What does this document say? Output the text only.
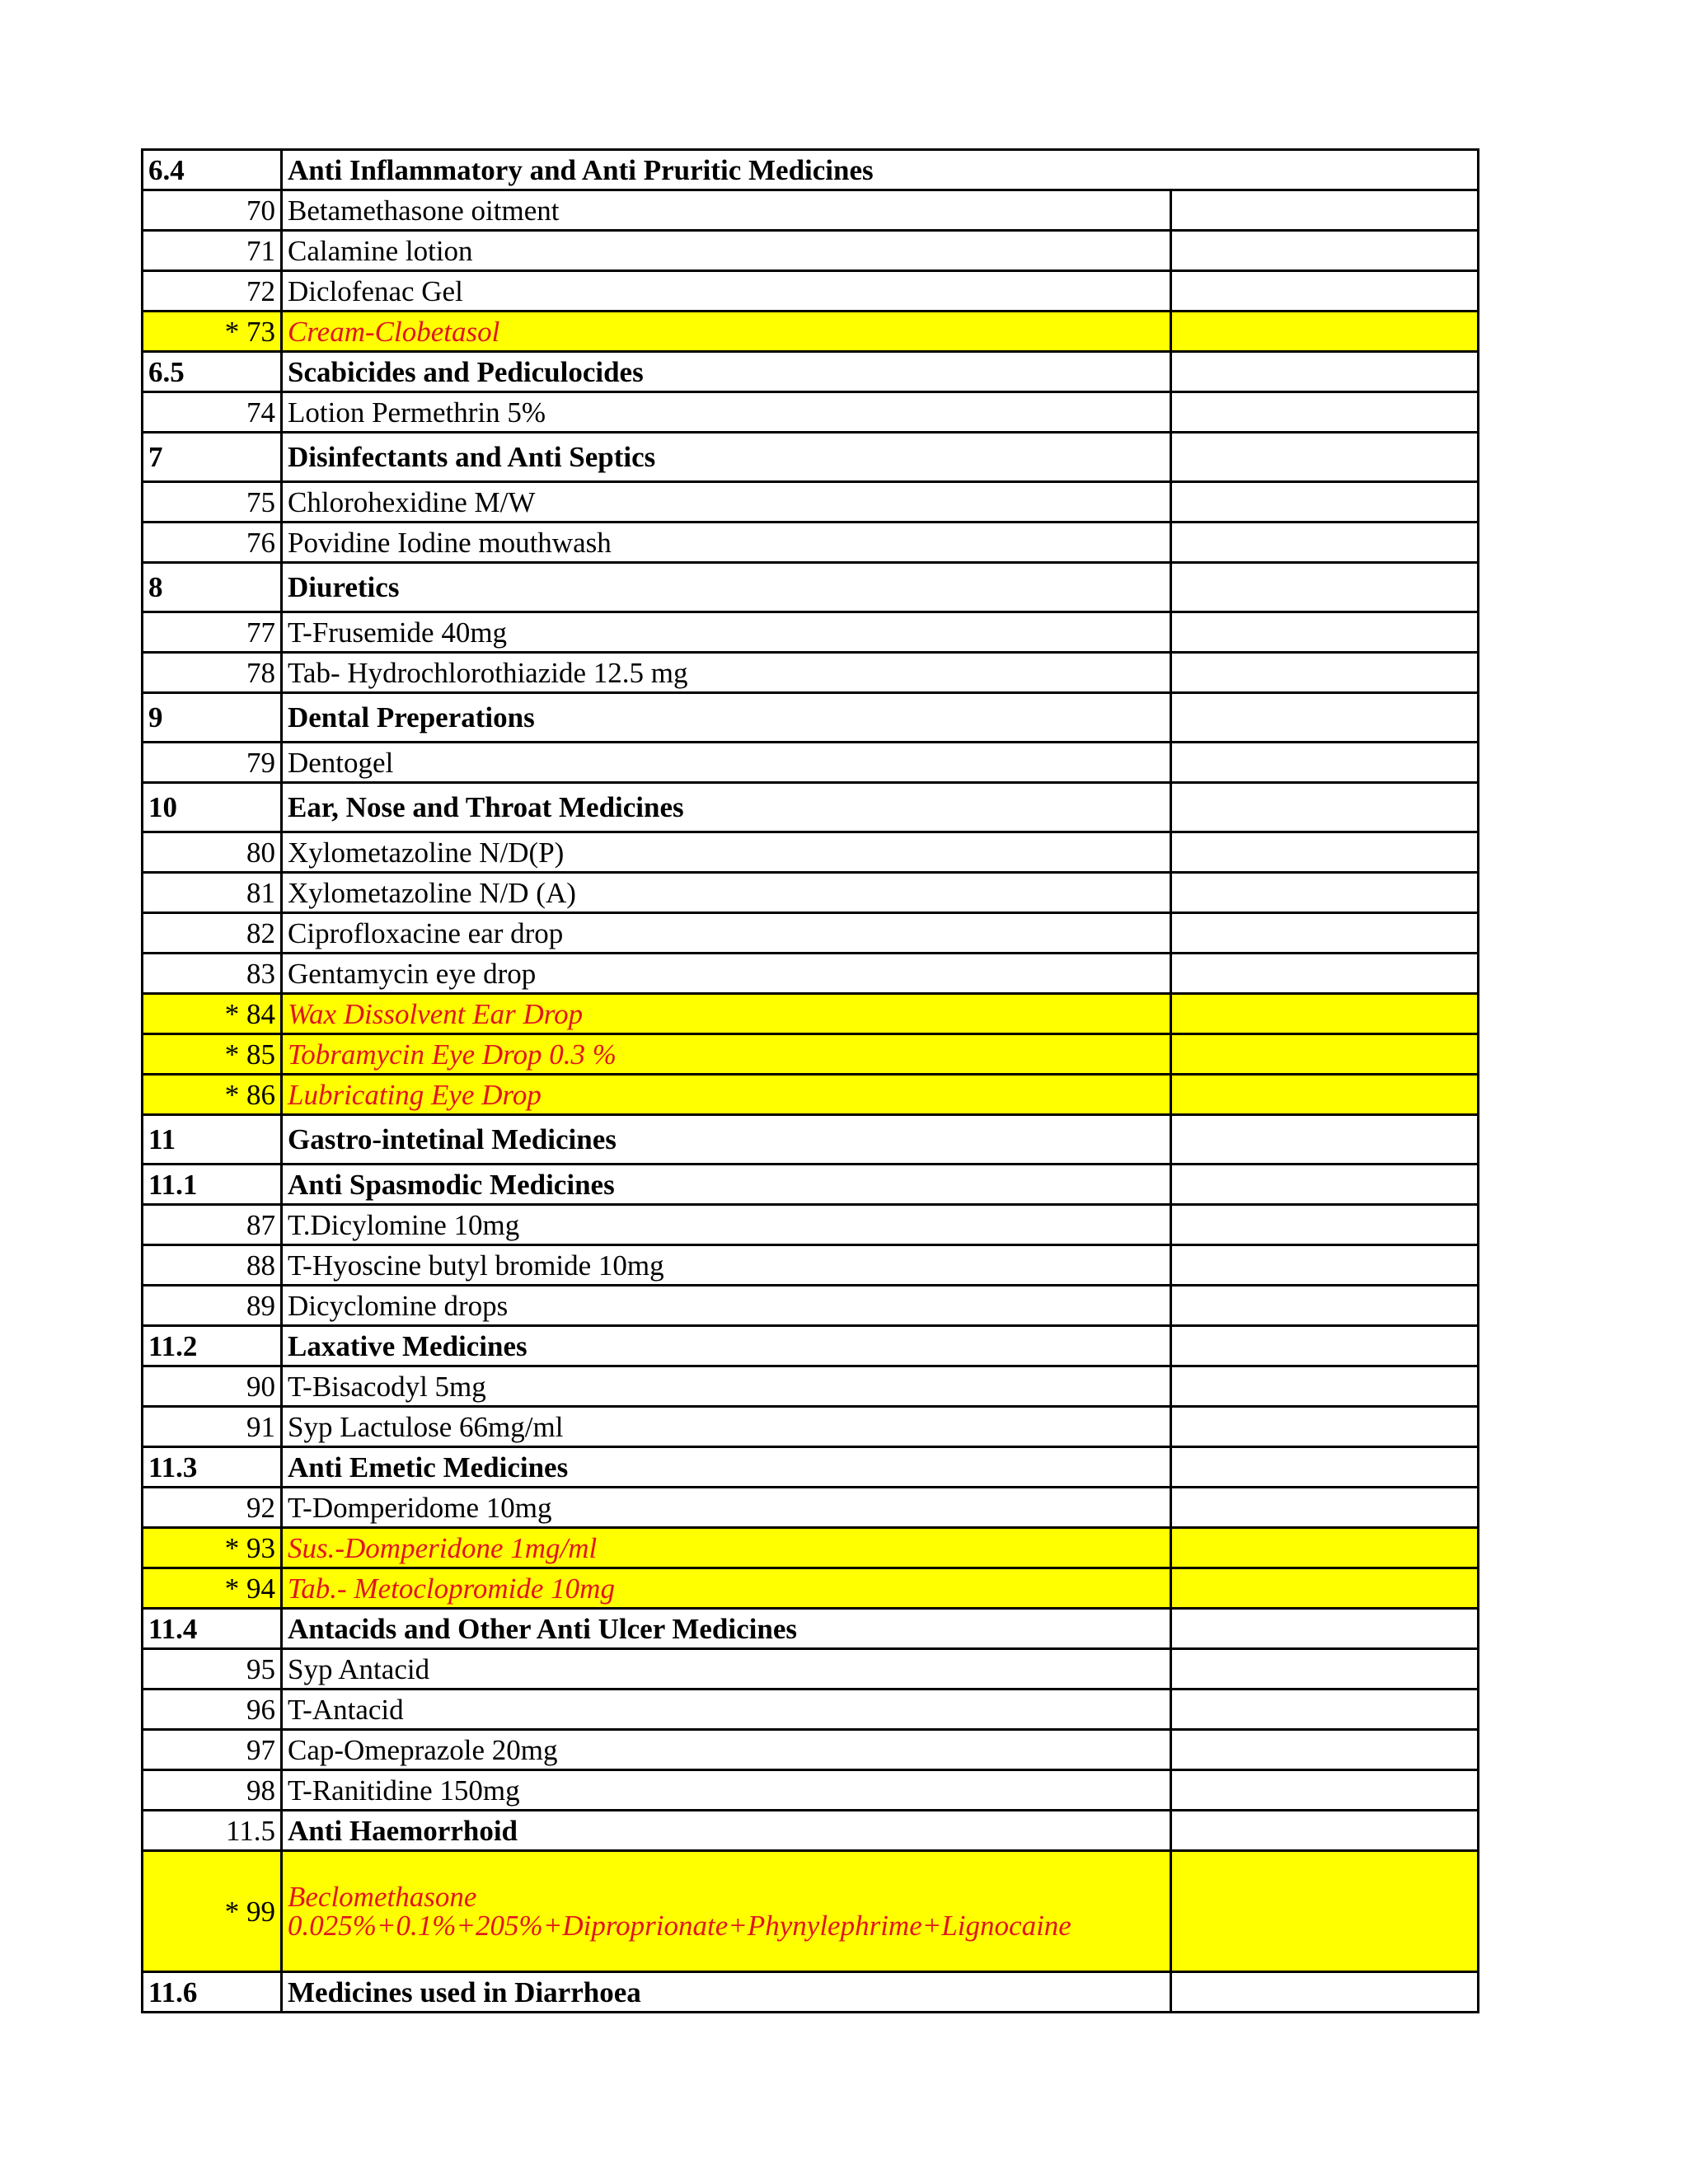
6.4	Anti Inflammatory and Anti Pruritic Medicines	
70	Betamethasone oitment	
71	Calamine lotion	
72	Diclofenac Gel	
* 73	Cream-Clobetasol	
6.5	Scabicides and Pediculocides	
74	Lotion Permethrin 5%	
7	Disinfectants and Anti Septics	
75	Chlorohexidine M/W	
76	Povidine Iodine mouthwash	
8	Diuretics	
77	T-Frusemide 40mg	
78	Tab- Hydrochlorothiazide 12.5 mg	
9	Dental Preperations	
79	Dentogel	
10	Ear, Nose and Throat Medicines	
80	Xylometazoline N/D(P)	
81	Xylometazoline N/D (A)	
82	Ciprofloxacine ear drop	
83	Gentamycin eye drop	
* 84	Wax Dissolvent Ear Drop	
* 85	Tobramycin Eye Drop 0.3 %	
* 86	Lubricating Eye Drop	
11	Gastro-intetinal Medicines	
11.1	Anti Spasmodic Medicines	
87	T.Dicylomine 10mg	
88	T-Hyoscine butyl bromide 10mg	
89	Dicyclomine drops	
11.2	Laxative Medicines	
90	T-Bisacodyl 5mg	
91	Syp Lactulose 66mg/ml	
11.3	Anti Emetic Medicines	
92	T-Domperidome 10mg	
* 93	Sus.-Domperidone 1mg/ml	
* 94	Tab.- Metoclopromide 10mg	
11.4	Antacids and Other Anti Ulcer Medicines	
95	Syp Antacid	
96	T-Antacid	
97	Cap-Omeprazole 20mg	
98	T-Ranitidine 150mg	
11.5	Anti Haemorrhoid	
* 99	Beclomethasone
0.025%+0.1%+205%+Diproprionate+Phynylephrime+Lignocaine	
11.6	Medicines used in Diarrhoea	
